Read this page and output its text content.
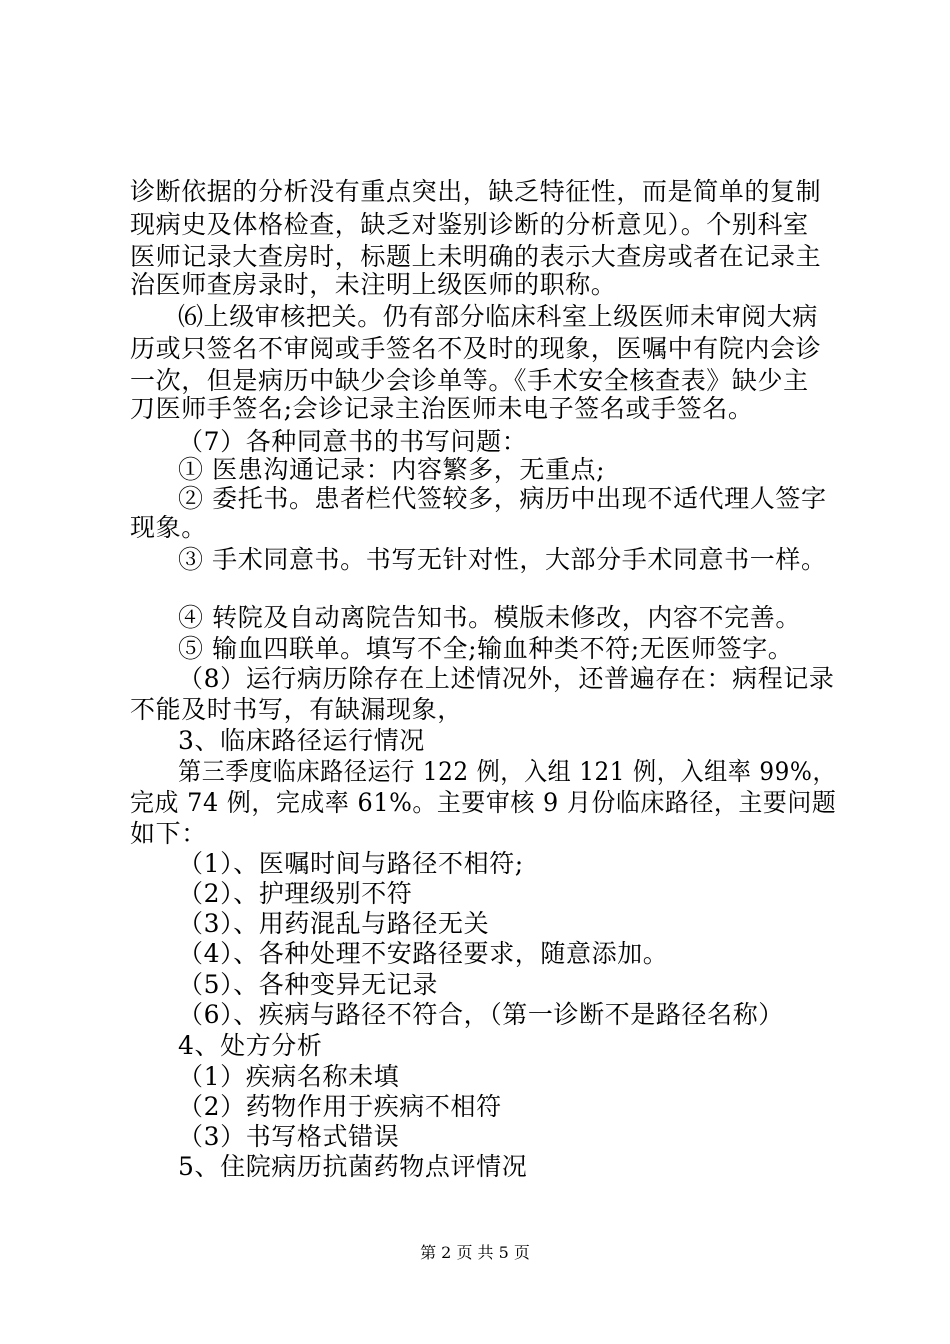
诊断依据的分析没有重点突出，缺乏特征性，而是简单的复制
现病史及体格检查，缺乏对鉴别诊断的分析意见）。个别科室
医师记录大查房时，标题上未明确的表示大查房或者在记录主
治医师查房录时，未注明上级医师的职称。
⑹上级审核把关。仍有部分临床科室上级医师未审阅大病
历或只签名不审阅或手签名不及时的现象，医嘱中有院内会诊
一次，但是病历中缺少会诊单等。《手术安全核查表》缺少主
刀医师手签名;会诊记录主治医师未电子签名或手签名。
（7）各种同意书的书写问题：
① 医患沟通记录：内容繁多，无重点;
② 委托书。患者栏代签较多，病历中出现不适代理人签字
现象。
③ 手术同意书。书写无针对性，大部分手术同意书一样。
④ 转院及自动离院告知书。模版未修改，内容不完善。
⑤ 输血四联单。填写不全;输血种类不符;无医师签字。
（8）运行病历除存在上述情况外，还普遍存在：病程记录
不能及时书写，有缺漏现象，
3、临床路径运行情况
第三季度临床路径运行 122 例，入组 121 例，入组率 99%，
完成 74 例，完成率 61%。主要审核 9 月份临床路径，主要问题
如下：
（1）、医嘱时间与路径不相符;
（2）、护理级别不符
（3）、用药混乱与路径无关
（4）、各种处理不安路径要求，随意添加。
（5）、各种变异无记录
（6）、疾病与路径不符合，（第一诊断不是路径名称）
4、处方分析
（1）疾病名称未填
（2）药物作用于疾病不相符
（3）书写格式错误
5、住院病历抗菌药物点评情况
第 2 页 共 5 页
